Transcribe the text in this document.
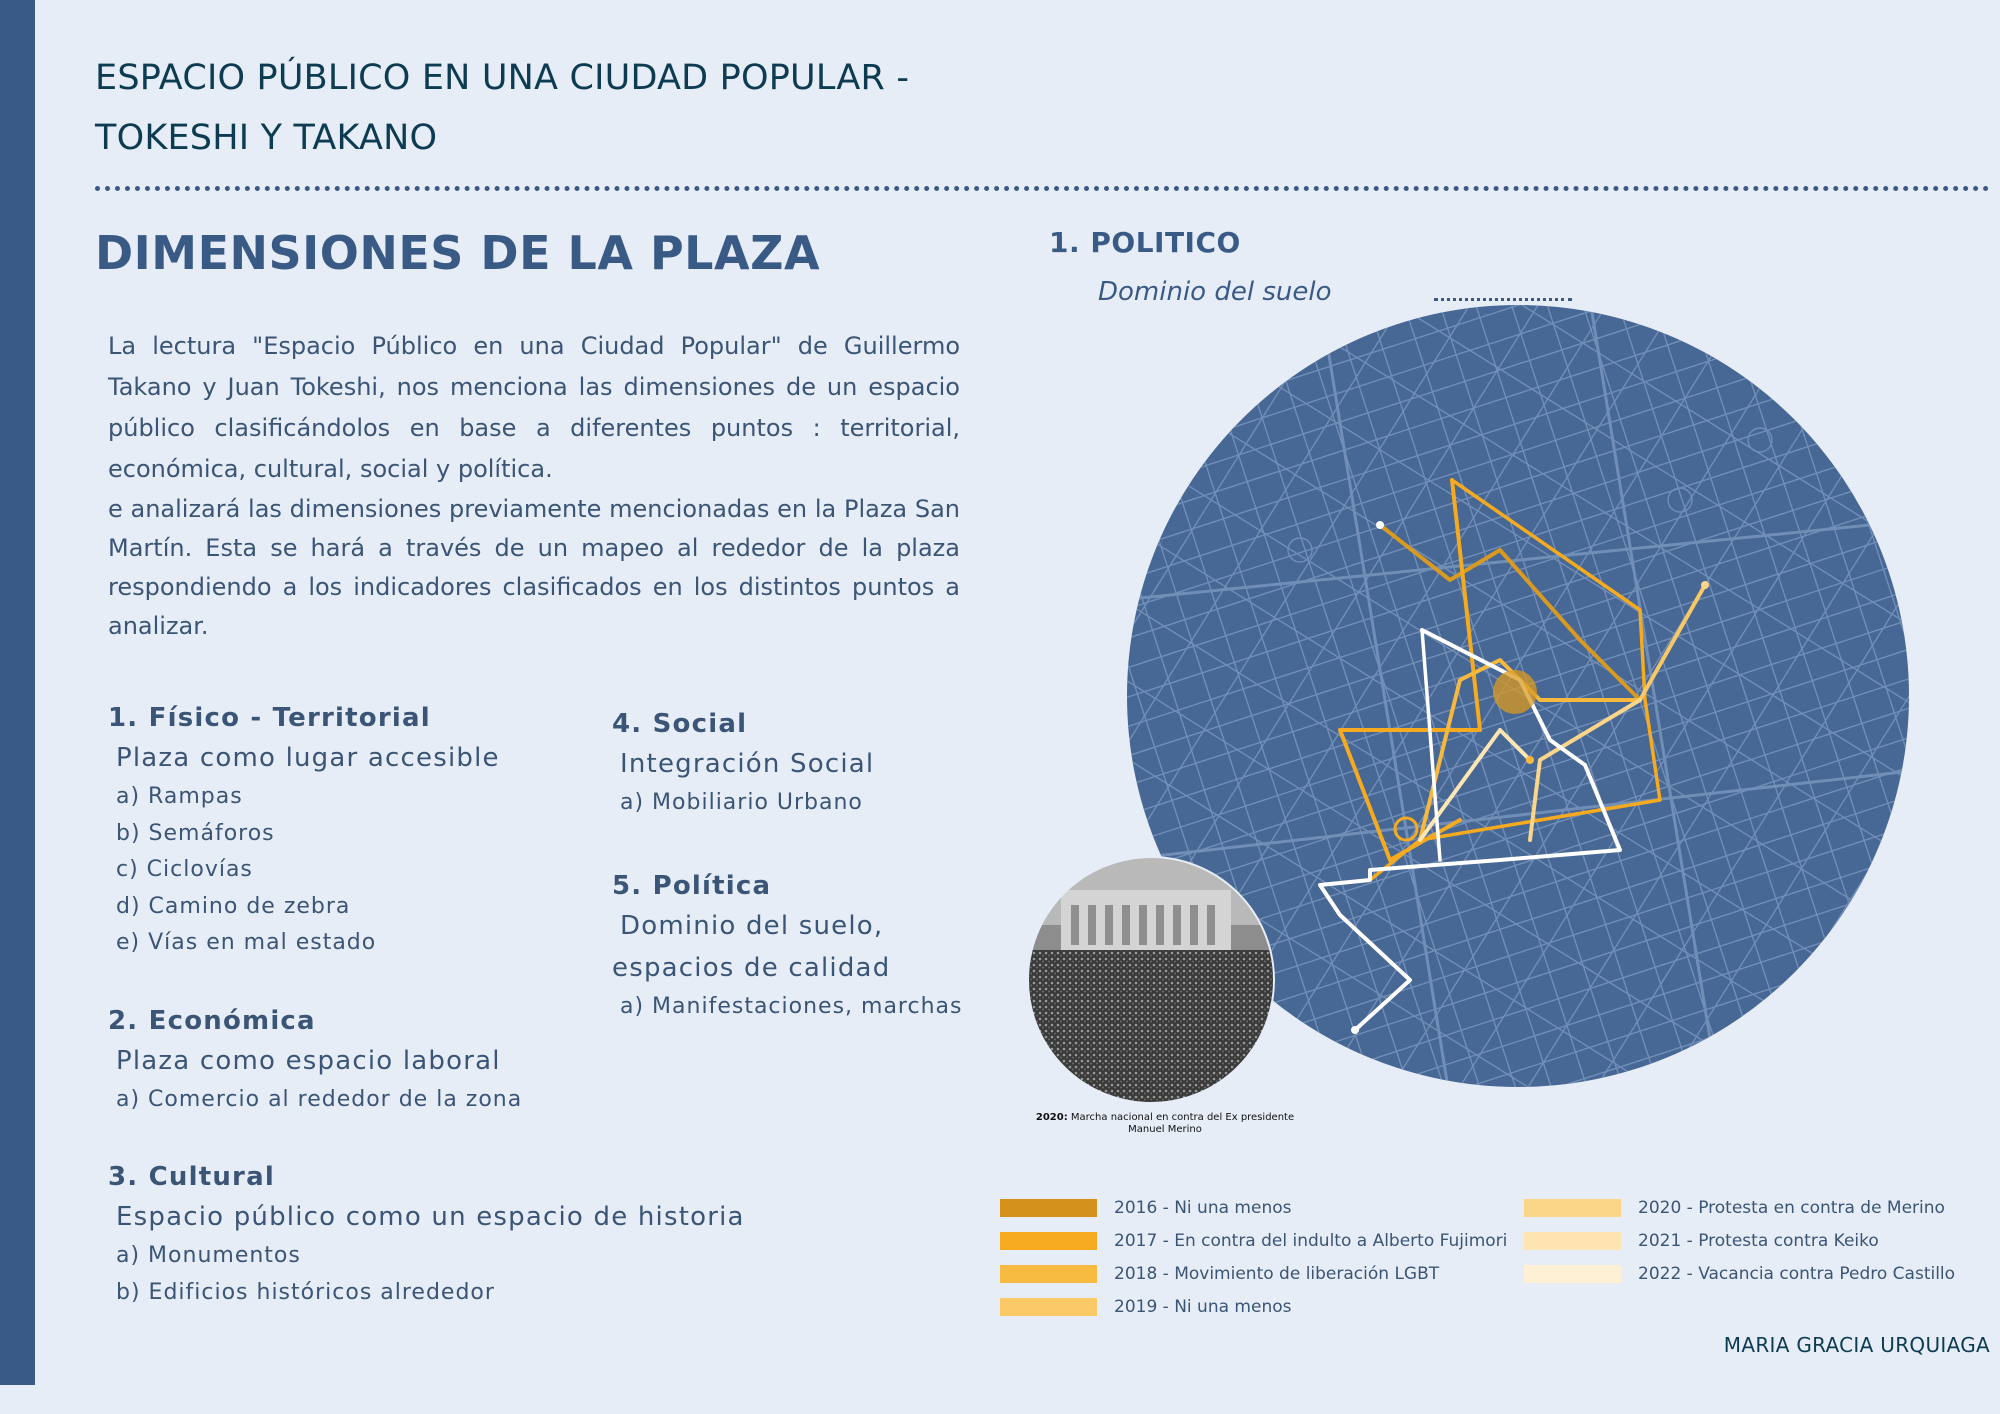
ESPACIO PÚBLICO EN UNA CIUDAD POPULAR -
TOKESHI Y TAKANO
DIMENSIONES DE LA PLAZA

La lectura "Espacio Público en una Ciudad Popular" de Guillermo Takano y Juan Tokeshi, nos menciona las dimensiones de un espacio público clasificándolos en base a diferentes puntos : territorial, económica, cultural, social y política.

e analizará las dimensiones previamente mencionadas en la Plaza San Martín. Esta se hará a través de un mapeo al rededor de la plaza respondiendo a los indicadores clasificados en los distintos puntos a analizar.

1. Físico - Territorial
Plaza como lugar accesible
a) Rampas
b) Semáforos
c) Ciclovías
d) Camino de zebra
e) Vías en mal estado
2. Económica
Plaza como espacio laboral
a) Comercio al rededor de la zona
3. Cultural
Espacio público como un espacio de historia
a) Monumentos
b) Edificios históricos alrededor
4. Social
Integración Social
a) Mobiliario Urbano
5. Política
Dominio del suelo, espacios de calidad
a) Manifestaciones, marchas
1. POLITICO
Dominio del suelo
2020: Marcha nacional en contra del Ex presidente Manuel Merino
2016 - Ni una menos
2017 - En contra del indulto a Alberto Fujimori
2018 - Movimiento de liberación LGBT
2019 - Ni una menos
2020 - Protesta en contra de Merino
2021 - Protesta contra Keiko
2022 - Vacancia contra Pedro Castillo
MARIA GRACIA URQUIAGA
